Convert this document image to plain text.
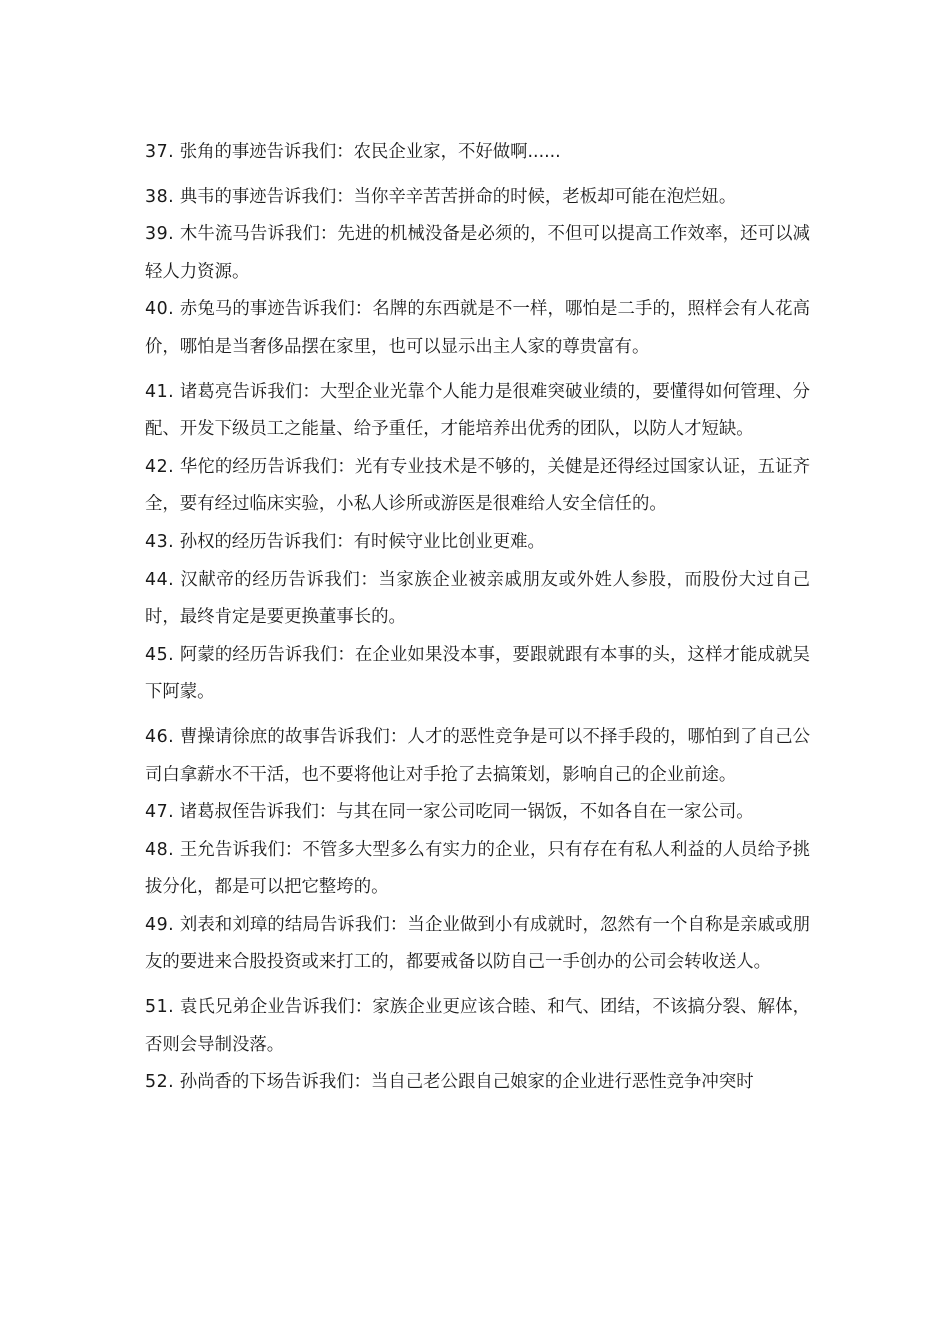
37. 张角的事迹告诉我们：农民企业家，不好做啊......

38. 典韦的事迹告诉我们：当你辛辛苦苦拼命的时候，老板却可能在泡烂妞。

39. 木牛流马告诉我们：先进的机械没备是必须的，不但可以提高工作效率，还可以减轻人力资源。

40. 赤兔马的事迹告诉我们：名牌的东西就是不一样，哪怕是二手的，照样会有人花高价，哪怕是当奢侈品摆在家里，也可以显示出主人家的尊贵富有。

41. 诸葛亮告诉我们：大型企业光靠个人能力是很难突破业绩的，要懂得如何管理、分配、开发下级员工之能量、给予重任，才能培养出优秀的团队，以防人才短缺。

42. 华佗的经历告诉我们：光有专业技术是不够的，关健是还得经过国家认证，五证齐全，要有经过临床实验，小私人诊所或游医是很难给人安全信任的。

43. 孙权的经历告诉我们：有时候守业比创业更难。

44. 汉献帝的经历告诉我们：当家族企业被亲戚朋友或外姓人参股，而股份大过自己时，最终肯定是要更换董事长的。

45. 阿蒙的经历告诉我们：在企业如果没本事，要跟就跟有本事的头，这样才能成就吴下阿蒙。

46. 曹操请徐庶的故事告诉我们：人才的恶性竞争是可以不择手段的，哪怕到了自己公司白拿薪水不干活，也不要将他让对手抢了去搞策划，影响自己的企业前途。

47. 诸葛叔侄告诉我们：与其在同一家公司吃同一锅饭，不如各自在一家公司。

48. 王允告诉我们：不管多大型多么有实力的企业，只有存在有私人利益的人员给予挑拔分化，都是可以把它整垮的。

49. 刘表和刘璋的结局告诉我们：当企业做到小有成就时，忽然有一个自称是亲戚或朋友的要进来合股投资或来打工的，都要戒备以防自己一手创办的公司会转收送人。

51. 袁氏兄弟企业告诉我们：家族企业更应该合睦、和气、团结，不该搞分裂、解体，否则会导制没落。

52. 孙尚香的下场告诉我们：当自己老公跟自己娘家的企业进行恶性竞争冲突时
